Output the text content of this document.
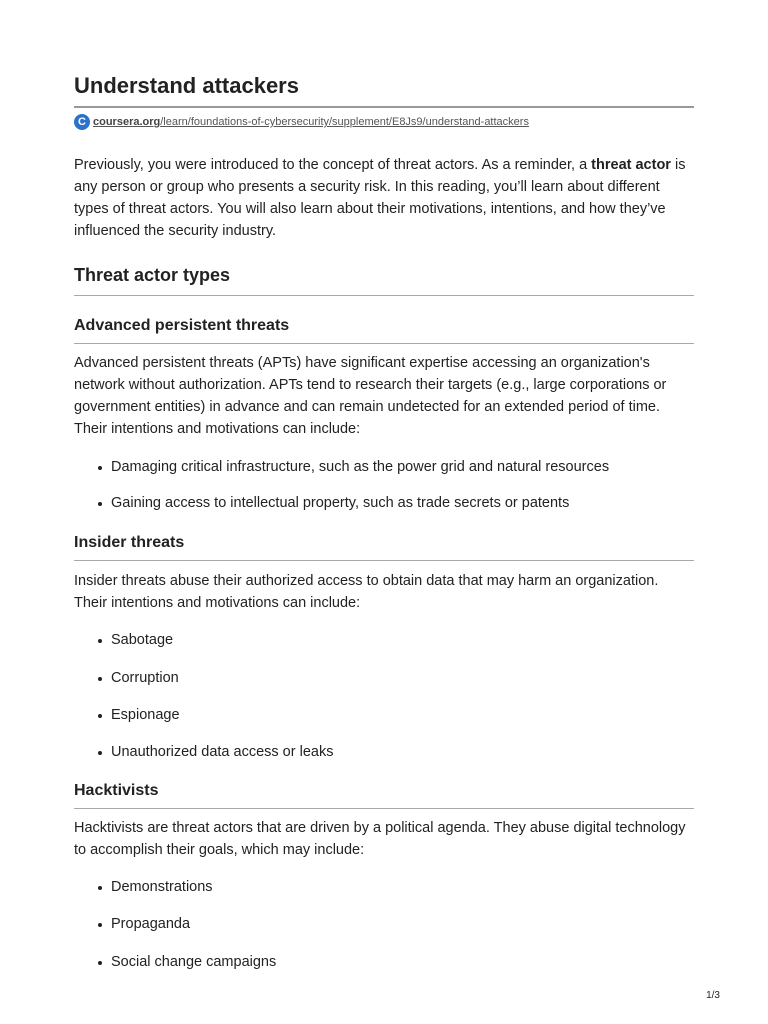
Understand attackers
C coursera.org/learn/foundations-of-cybersecurity/supplement/E8Js9/understand-attackers

Previously, you were introduced to the concept of threat actors. As a reminder, a threat actor is any person or group who presents a security risk. In this reading, you’ll learn about different types of threat actors. You will also learn about their motivations, intentions, and how they’ve influenced the security industry.

Threat actor types
Advanced persistent threats

Advanced persistent threats (APTs) have significant expertise accessing an organization's network without authorization. APTs tend to research their targets (e.g., large corporations or government entities) in advance and can remain undetected for an extended period of time. Their intentions and motivations can include:

Damaging critical infrastructure, such as the power grid and natural resources
Gaining access to intellectual property, such as trade secrets or patents
Insider threats

Insider threats abuse their authorized access to obtain data that may harm an organization. Their intentions and motivations can include:

Sabotage
Corruption
Espionage
Unauthorized data access or leaks
Hacktivists

Hacktivists are threat actors that are driven by a political agenda. They abuse digital technology to accomplish their goals, which may include:

Demonstrations
Propaganda
Social change campaigns
1/3
